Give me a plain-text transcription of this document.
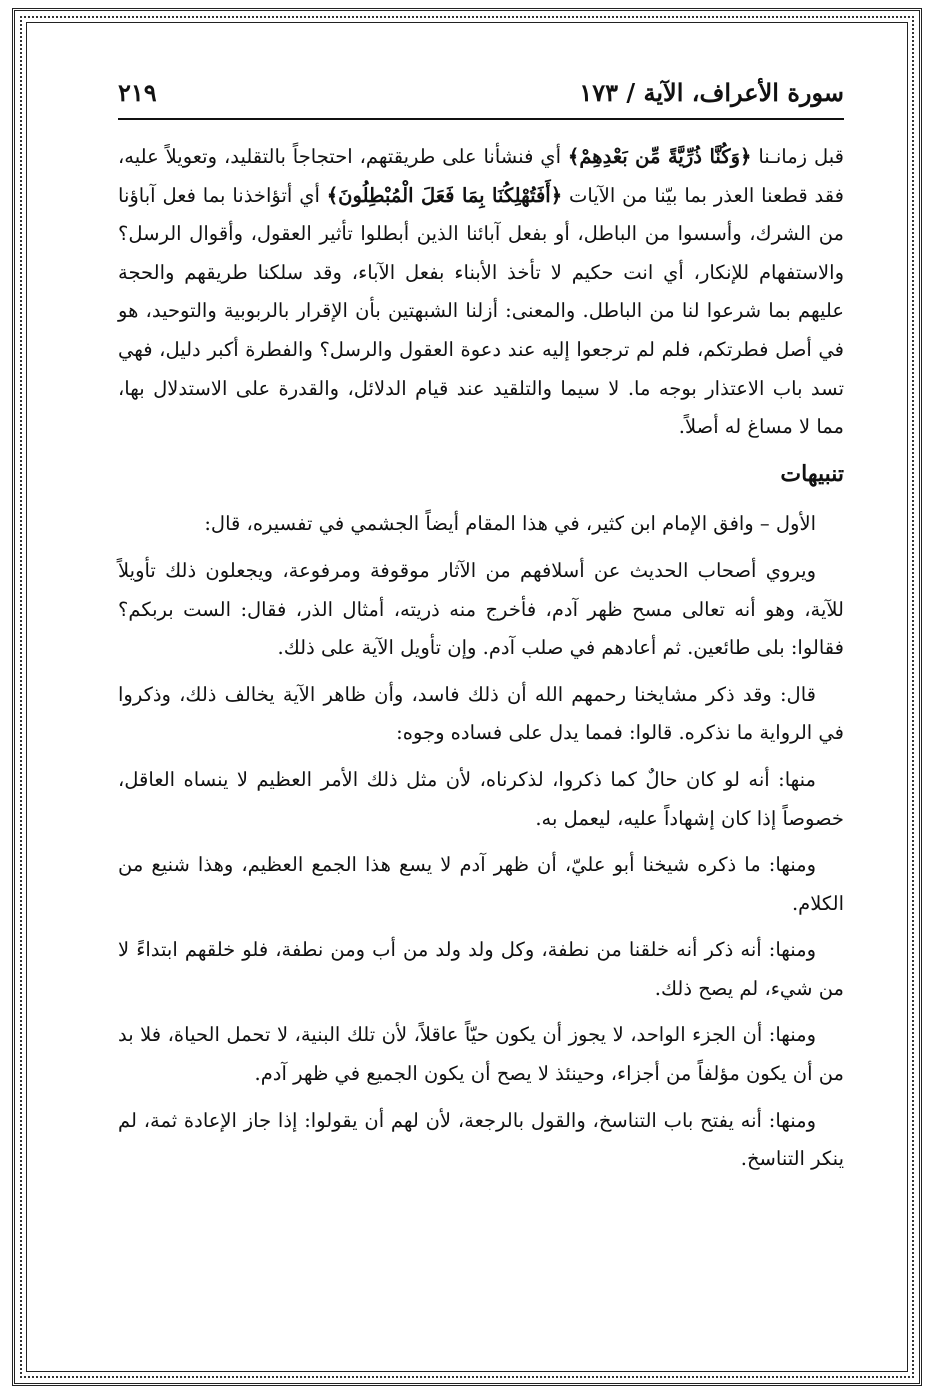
سورة الأعراف، الآية / ١٧٣
٢١٩

قبل زمانـنا ﴿وَكُنَّا ذُرِّيَّةً مِّن بَعْدِهِمْ﴾ أي فنشأنا على طريقتهم، احتجاجاً بالتقليد، وتعويلاً عليه، فقد قطعنا العذر بما بيّنا من الآيات ﴿أَفَتُهْلِكُنَا بِمَا فَعَلَ الْمُبْطِلُونَ﴾ أي أتؤاخذنا بما فعل آباؤنا من الشرك، وأسسوا من الباطل، أو بفعل آبائنا الذين أبطلوا تأثير العقول، وأقوال الرسل؟ والاستفهام للإنكار، أي انت حكيم لا تأخذ الأبناء بفعل الآباء، وقد سلكنا طريقهم والحجة عليهم بما شرعوا لنا من الباطل. والمعنى: أزلنا الشبهتين بأن الإقرار بالربوبية والتوحيد، هو في أصل فطرتكم، فلم لم ترجعوا إليه عند دعوة العقول والرسل؟ والفطرة أكبر دليل، فهي تسد باب الاعتذار بوجه ما. لا سيما والتلقيد عند قيام الدلائل، والقدرة على الاستدلال بها، مما لا مساغ له أصلاً.

تنبيهات

الأول – وافق الإمام ابن كثير، في هذا المقام أيضاً الجشمي في تفسيره، قال:

ويروي أصحاب الحديث عن أسلافهم من الآثار موقوفة ومرفوعة، ويجعلون ذلك تأويلاً للآية، وهو أنه تعالى مسح ظهر آدم، فأخرج منه ذريته، أمثال الذر، فقال: الست بربكم؟ فقالوا: بلى طائعين. ثم أعادهم في صلب آدم. وإن تأويل الآية على ذلك.

قال: وقد ذكر مشايخنا رحمهم الله أن ذلك فاسد، وأن ظاهر الآية يخالف ذلك، وذكروا في الرواية ما نذكره. قالوا: فمما يدل على فساده وجوه:

منها: أنه لو كان حالٌ كما ذكروا، لذكرناه، لأن مثل ذلك الأمر العظيم لا ينساه العاقل، خصوصاً إذا كان إشهاداً عليه، ليعمل به.

ومنها: ما ذكره شيخنا أبو عليّ، أن ظهر آدم لا يسع هذا الجمع العظيم، وهذا شنيع من الكلام.

ومنها: أنه ذكر أنه خلقنا من نطفة، وكل ولد ولد من أب ومن نطفة، فلو خلقهم ابتداءً لا من شيء، لم يصح ذلك.

ومنها: أن الجزء الواحد، لا يجوز أن يكون حيّاً عاقلاً، لأن تلك البنية، لا تحمل الحياة، فلا بد من أن يكون مؤلفاً من أجزاء، وحينئذ لا يصح أن يكون الجميع في ظهر آدم.

ومنها: أنه يفتح باب التناسخ، والقول بالرجعة، لأن لهم أن يقولوا: إذا جاز الإعادة ثمة، لم ينكر التناسخ.
